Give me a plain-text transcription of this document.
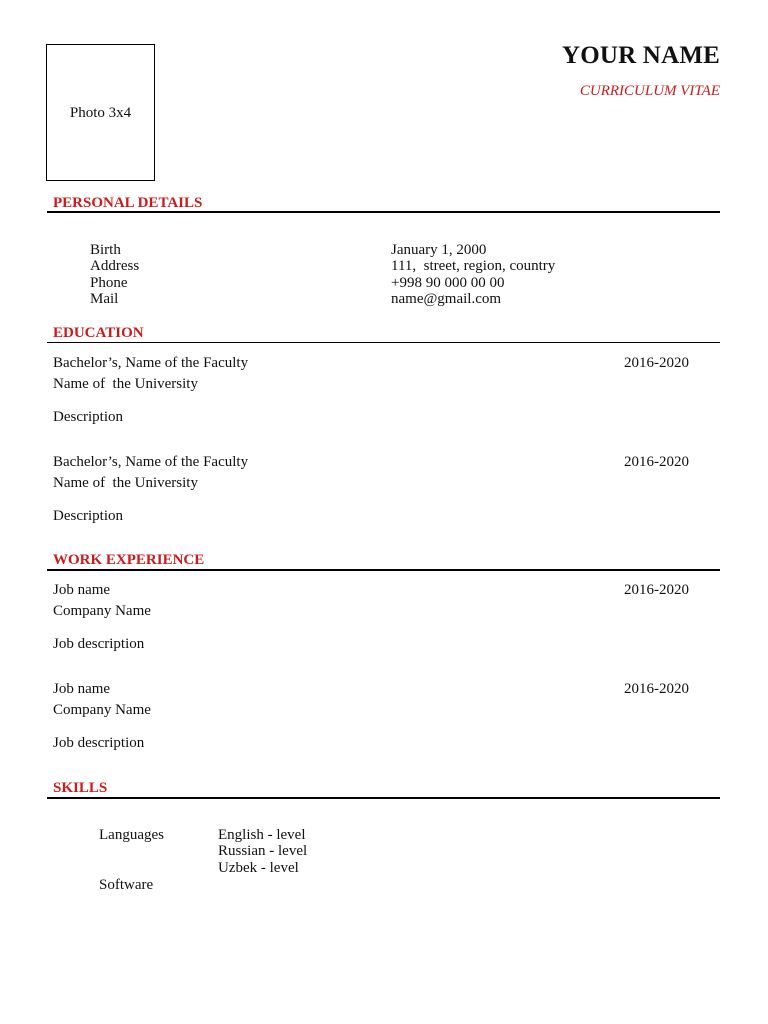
Photo 3x4
YOUR NAME
CURRICULUM VITAE
PERSONAL DETAILS
Birth	January 1, 2000
Address	111,  street, region, country
Phone	+998 90 000 00 00
Mail	name@gmail.com
EDUCATION
Bachelor’s, Name of the Faculty	2016-2020
Name of  the University
Description
Bachelor’s, Name of the Faculty	2016-2020
Name of  the University
Description
WORK EXPERIENCE
Job name	2016-2020
Company Name
Job description
Job name	2016-2020
Company Name
Job description
SKILLS
Languages	English - level
Russian - level
Uzbek - level
Software
